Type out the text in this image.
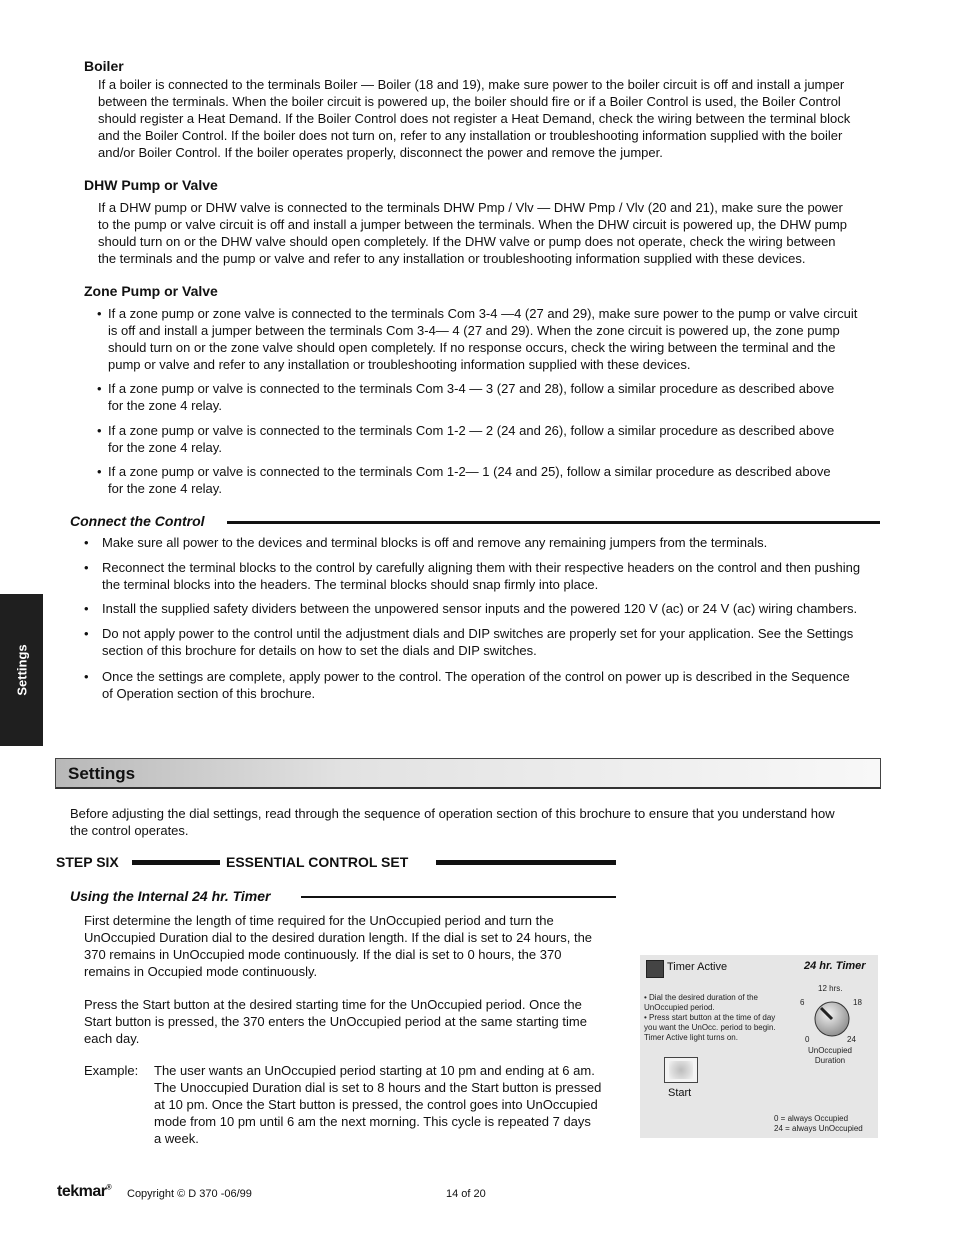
Boiler
If a boiler is connected to the terminals Boiler — Boiler (18 and 19), make sure power to the boiler circuit is off and install a jumper
between the terminals. When the boiler circuit is powered up, the boiler should fire or if a Boiler Control is used, the Boiler Control
should register a Heat Demand. If the Boiler Control does not register a Heat Demand, check the wiring between the terminal block
and the Boiler Control. If the boiler does not turn on, refer to any installation or troubleshooting information supplied with the boiler
and/or Boiler Control. If the boiler operates properly, disconnect the power and remove the jumper.
DHW Pump or Valve
If a DHW pump or DHW valve is connected to the terminals DHW Pmp / Vlv — DHW Pmp / Vlv (20 and 21), make sure the power
to the pump or valve circuit is off and install a jumper between the terminals. When the DHW circuit is powered up, the DHW pump
should turn on or the DHW valve should open completely. If the DHW valve or pump does not operate, check the wiring between
the terminals and the pump or valve and refer to any installation or troubleshooting information supplied with these devices.
Zone Pump or Valve
• If a zone pump or zone valve is connected to the terminals Com 3-4 —4 (27 and 29), make sure power to the pump or valve circuit
is off and install a jumper between the terminals Com 3-4— 4 (27 and 29). When the zone circuit is powered up, the zone pump
should turn on or the zone valve should open completely. If no response occurs, check the wiring between the terminal and the
pump or valve and refer to any installation or troubleshooting information supplied with these devices.
• If a zone pump or valve is connected to the terminals Com 3-4 — 3 (27 and 28), follow a similar procedure as described above
for the zone 4 relay.
• If a zone pump or valve is connected to the terminals Com 1-2 — 2 (24 and 26), follow a similar procedure as described above
for the zone 4 relay.
• If a zone pump or valve is connected to the terminals Com 1-2— 1 (24 and 25), follow a similar procedure as described above
for the zone 4 relay.
Connect the Control
• Make sure all power to the devices and terminal blocks is off and remove any remaining jumpers from the terminals.
• Reconnect the terminal blocks to the control by carefully aligning them with their respective headers on the control and then pushing
the terminal blocks into the headers. The terminal blocks should snap firmly into place.
• Install the supplied safety dividers between the unpowered sensor inputs and the powered 120 V (ac) or 24 V (ac) wiring chambers.
• Do not apply power to the control until the adjustment dials and DIP switches are properly set for your application. See the Settings
section of this brochure for details on how to set the dials and DIP switches.
• Once the settings are complete, apply power to the control. The operation of the control on power up is described in the Sequence
of Operation section of this brochure.
Settings
Settings
Before adjusting the dial settings, read through the sequence of operation section of this brochure to ensure that you understand how
the control operates.
STEP SIX	ESSENTIAL CONTROL SET
Using the Internal 24 hr. Timer
First determine the length of time required for the UnOccupied period and turn the
UnOccupied Duration dial to the desired duration length. If the dial is set to 24 hours, the
370 remains in UnOccupied mode continuously. If the dial is set to 0 hours, the 370
remains in Occupied mode continuously.
Press the Start button at the desired starting time for the UnOccupied period. Once the
Start button is pressed, the 370 enters the UnOccupied period at the same starting time
each day.
Example: The user wants an UnOccupied period starting at 10 pm and ending at 6 am.
The Unoccupied Duration dial is set to 8 hours and the Start button is pressed
at 10 pm. Once the Start button is pressed, the control goes into UnOccupied
mode from 10 pm until 6 am the next morning. This cycle is repeated 7 days
a week.
Timer Active	24 hr. Timer
• Dial the desired duration of the
UnOccupied period.
• Press start button at the time of day
you want the UnOcc. period to begin.
Timer Active light turns on.
12 hrs.
6	18
0	24
UnOccupied
Duration
Start
0 = always Occupied
24 = always UnOccupied
tekmar® Copyright © D 370 -06/99	14 of 20
